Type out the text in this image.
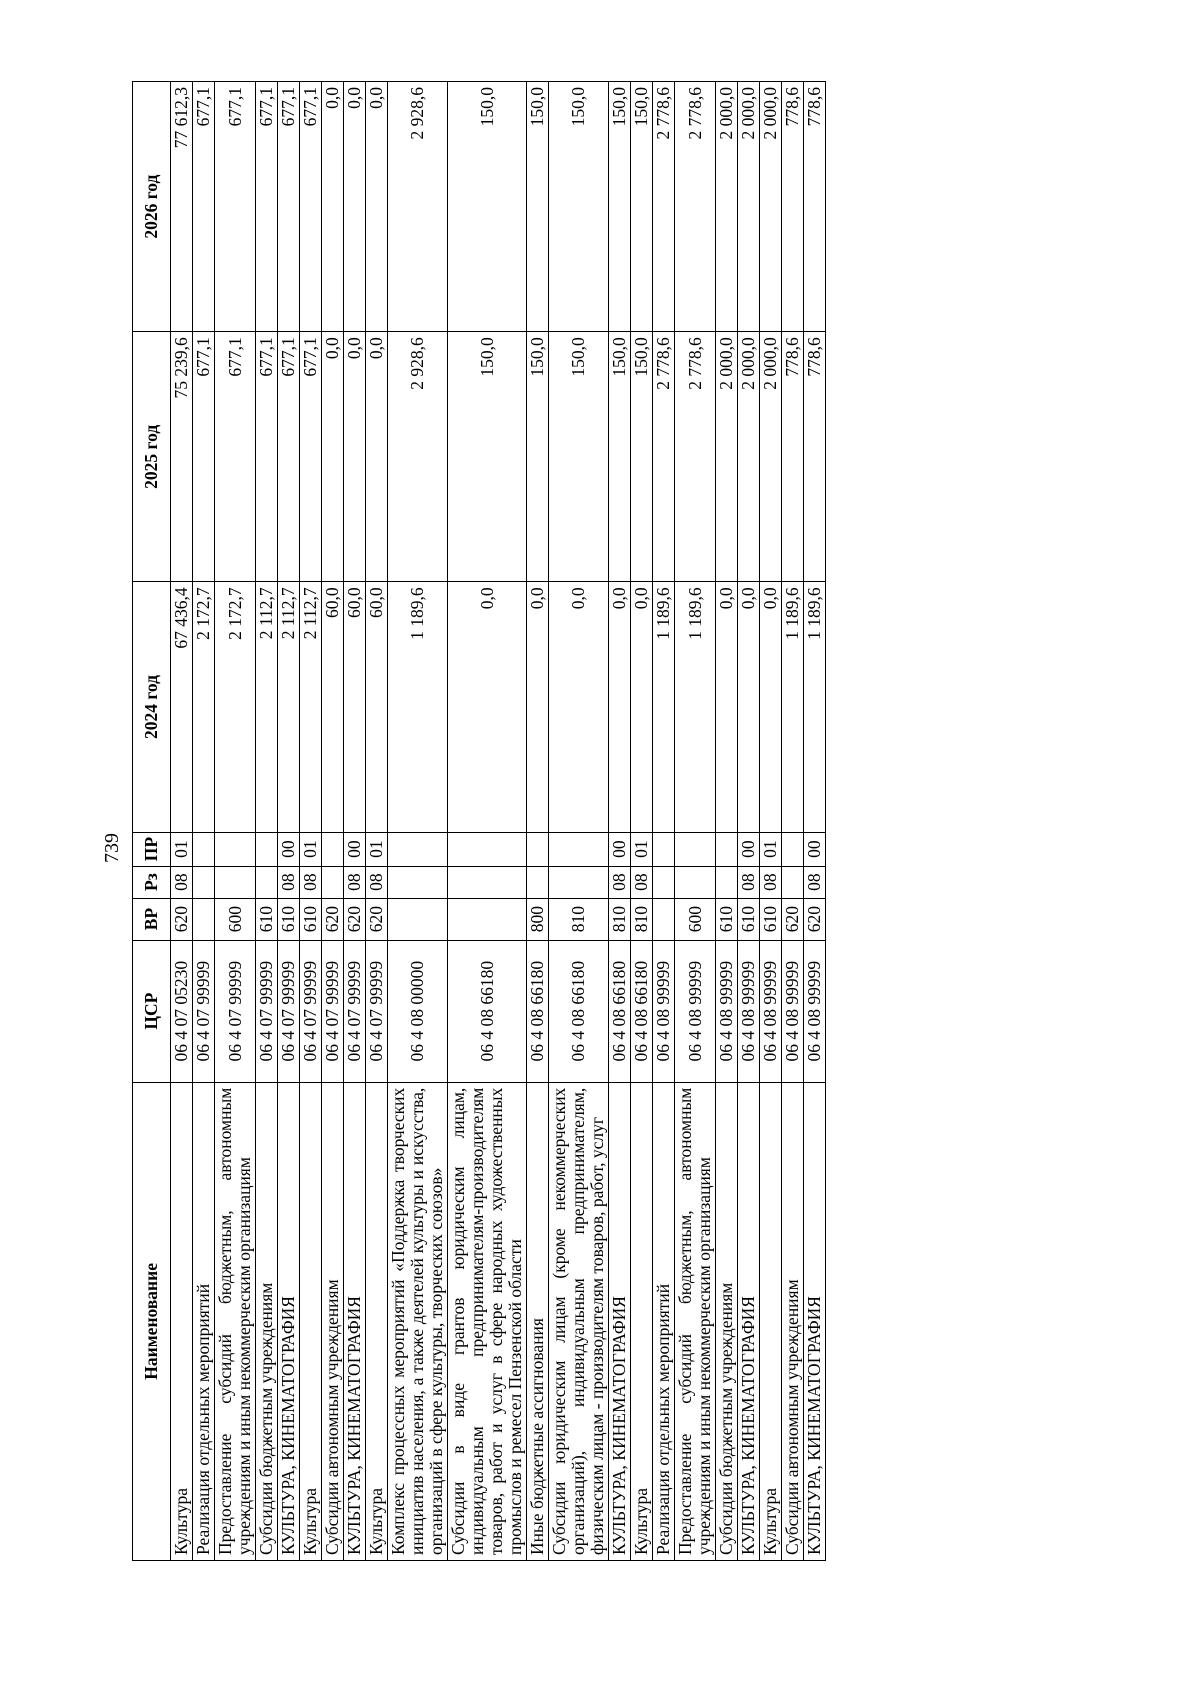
739
Наименование	ЦСР	ВР	Рз	ПР	2024 год	2025 год	2026 год
Культура	06 4 07 05230	620	08	01	67 436,4	75 239,6	77 612,3
Реализация отдельных мероприятий	06 4 07 99999				2 172,7	677,1	677,1
Предоставление субсидий бюджетным, автономным учреждениям и иным некоммерческим организациям	06 4 07 99999	600			2 172,7	677,1	677,1
Субсидии бюджетным учреждениям	06 4 07 99999	610			2 112,7	677,1	677,1
КУЛЬТУРА, КИНЕМАТОГРАФИЯ	06 4 07 99999	610	08	00	2 112,7	677,1	677,1
Культура	06 4 07 99999	610	08	01	2 112,7	677,1	677,1
Субсидии автономным учреждениям	06 4 07 99999	620			60,0	0,0	0,0
КУЛЬТУРА, КИНЕМАТОГРАФИЯ	06 4 07 99999	620	08	00	60,0	0,0	0,0
Культура	06 4 07 99999	620	08	01	60,0	0,0	0,0
Комплекс процессных мероприятий «Поддержка творческих инициатив населения, а также деятелей культуры и искусства, организаций в сфере культуры, творческих союзов»	06 4 08 00000				1 189,6	2 928,6	2 928,6
Субсидии в виде грантов юридическим лицам, индивидуальным предпринимателям-производителям товаров, работ и услуг в сфере народных художественных промыслов и ремесел Пензенской области	06 4 08 66180				0,0	150,0	150,0
Иные бюджетные ассигнования	06 4 08 66180	800			0,0	150,0	150,0
Субсидии юридическим лицам (кроме некоммерческих организаций), индивидуальным предпринимателям, физическим лицам - производителям товаров, работ, услуг	06 4 08 66180	810			0,0	150,0	150,0
КУЛЬТУРА, КИНЕМАТОГРАФИЯ	06 4 08 66180	810	08	00	0,0	150,0	150,0
Культура	06 4 08 66180	810	08	01	0,0	150,0	150,0
Реализация отдельных мероприятий	06 4 08 99999				1 189,6	2 778,6	2 778,6
Предоставление субсидий бюджетным, автономным учреждениям и иным некоммерческим организациям	06 4 08 99999	600			1 189,6	2 778,6	2 778,6
Субсидии бюджетным учреждениям	06 4 08 99999	610			0,0	2 000,0	2 000,0
КУЛЬТУРА, КИНЕМАТОГРАФИЯ	06 4 08 99999	610	08	00	0,0	2 000,0	2 000,0
Культура	06 4 08 99999	610	08	01	0,0	2 000,0	2 000,0
Субсидии автономным учреждениям	06 4 08 99999	620			1 189,6	778,6	778,6
КУЛЬТУРА, КИНЕМАТОГРАФИЯ	06 4 08 99999	620	08	00	1 189,6	778,6	778,6
